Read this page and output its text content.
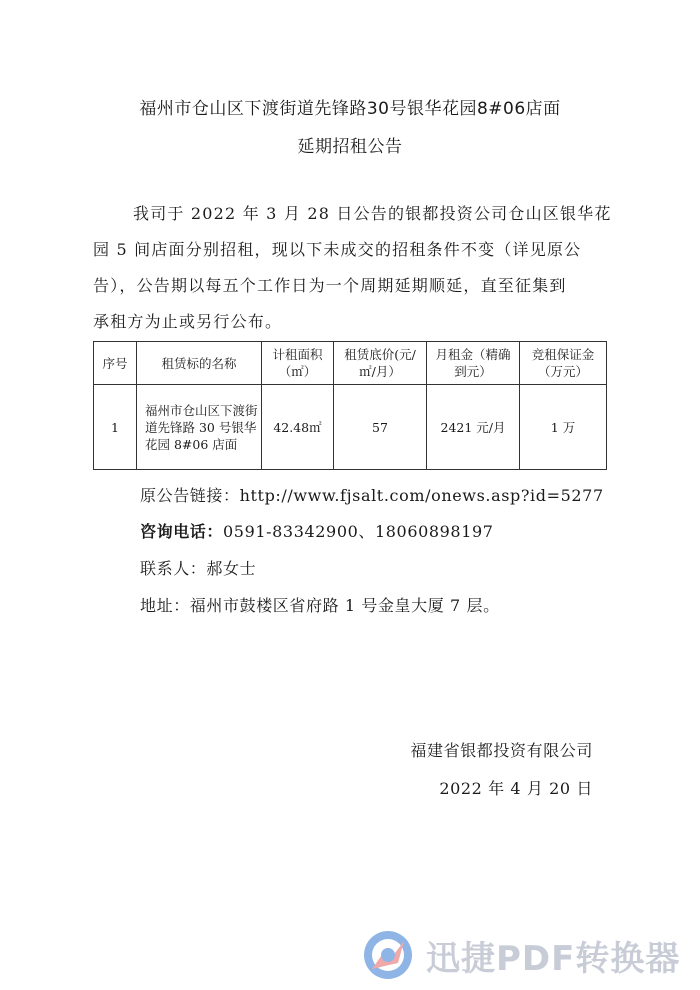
福州市仓山区下渡街道先锋路30号银华花园8#06店面
延期招租公告
我司于 2022 年 3 月 28 日公告的银都投资公司仓山区银华花
园 5 间店面分别招租，现以下未成交的招租条件不变（详见原公
告），公告期以每五个工作日为一个周期延期顺延，直至征集到
承租方为止或另行公布。
序号	租赁标的名称	计租面积（㎡）	租赁底价(元/㎡/月）	月租金（精确到元）	竞租保证金（万元）
1	福州市仓山区下渡街道先锋路 30 号银华花园 8#06 店面	42.48㎡	57	2421 元/月	1 万
原公告链接：http://www.fjsalt.com/onews.asp?id=5277
咨询电话：0591-83342900、18060898197
联系人：郝女士
地址：福州市鼓楼区省府路 1 号金皇大厦 7 层。
福建省银都投资有限公司
2022 年 4 月 20 日
迅捷PDF转换器
